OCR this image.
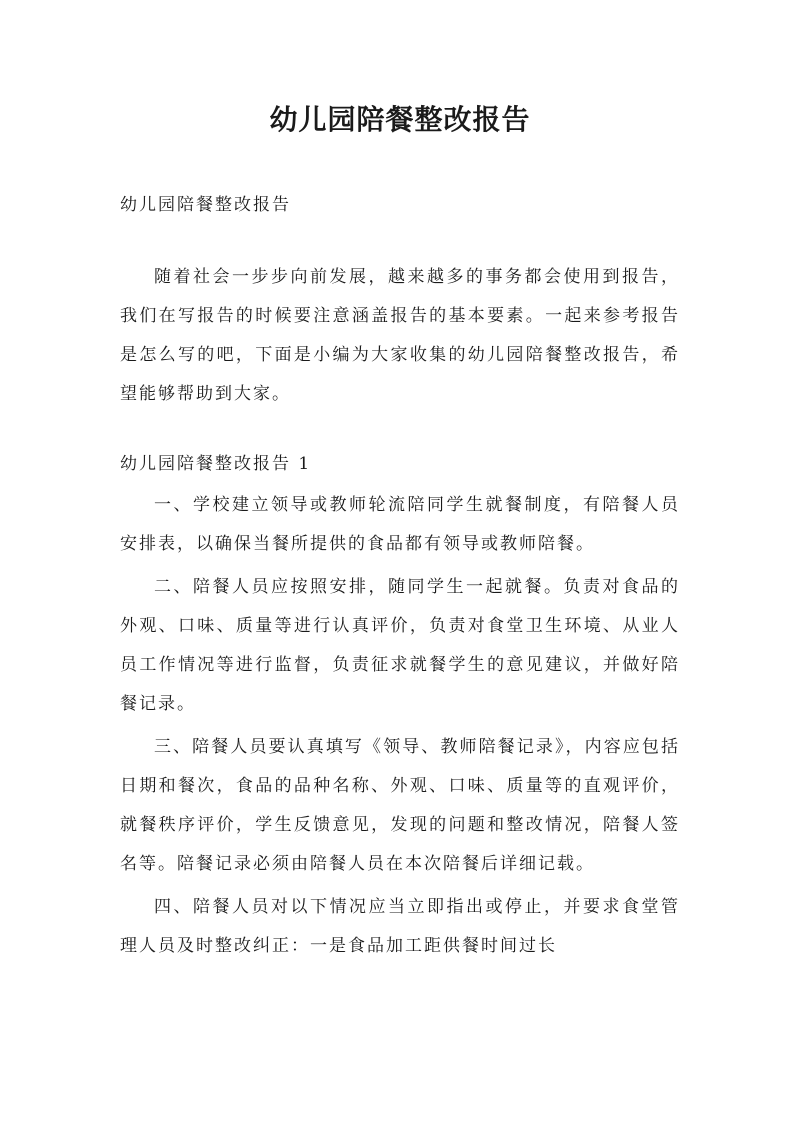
幼儿园陪餐整改报告

幼儿园陪餐整改报告

随着社会一步步向前发展，越来越多的事务都会使用到报告，我们在写报告的时候要注意涵盖报告的基本要素。一起来参考报告是怎么写的吧，下面是小编为大家收集的幼儿园陪餐整改报告，希望能够帮助到大家。

幼儿园陪餐整改报告 1

一、学校建立领导或教师轮流陪同学生就餐制度，有陪餐人员安排表，以确保当餐所提供的食品都有领导或教师陪餐。

二、陪餐人员应按照安排，随同学生一起就餐。负责对食品的外观、口味、质量等进行认真评价，负责对食堂卫生环境、从业人员工作情况等进行监督，负责征求就餐学生的意见建议，并做好陪餐记录。

三、陪餐人员要认真填写《领导、教师陪餐记录》，内容应包括日期和餐次，食品的品种名称、外观、口味、质量等的直观评价，就餐秩序评价，学生反馈意见，发现的问题和整改情况，陪餐人签名等。陪餐记录必须由陪餐人员在本次陪餐后详细记载。

四、陪餐人员对以下情况应当立即指出或停止，并要求食堂管理人员及时整改纠正：一是食品加工距供餐时间过长
